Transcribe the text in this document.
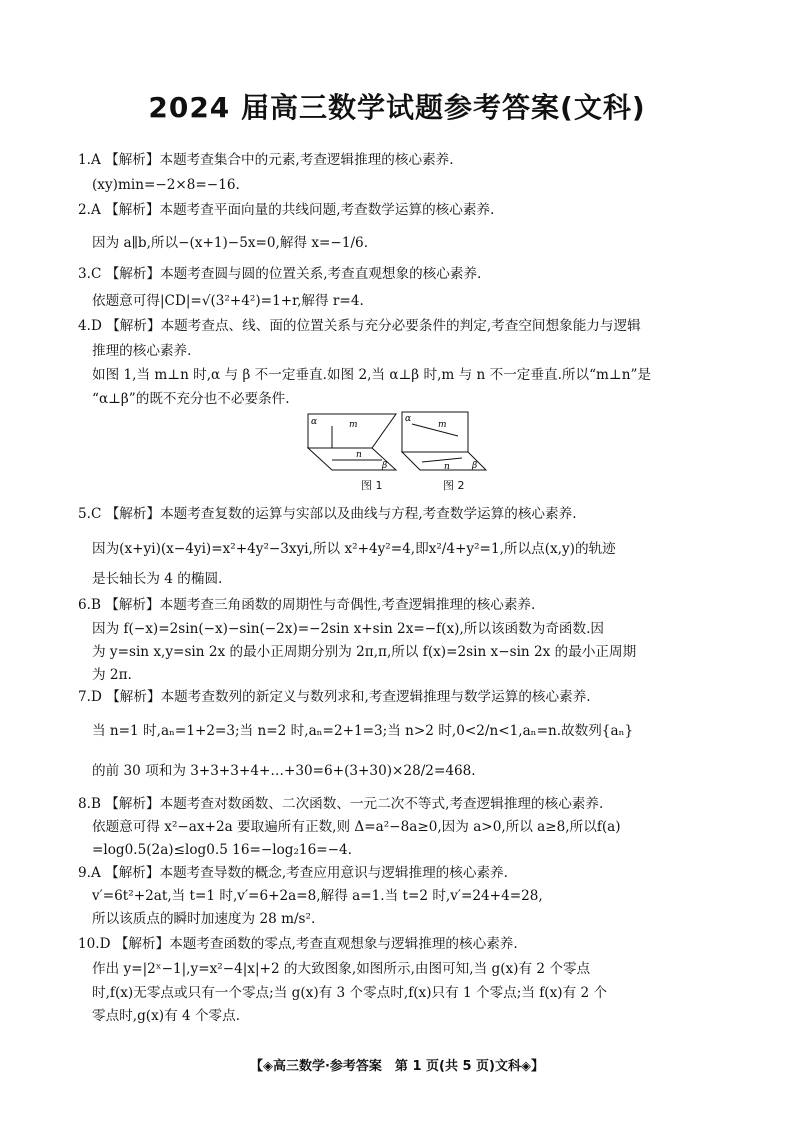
2024 届高三数学试题参考答案(文科)
1.A 【解析】本题考查集合中的元素,考查逻辑推理的核心素养.
(xy)min=−2×8=−16.
2.A 【解析】本题考查平面向量的共线问题,考查数学运算的核心素养.
因为 a∥b,所以−(x+1)−5x=0,解得 x=−1/6.
3.C 【解析】本题考查圆与圆的位置关系,考查直观想象的核心素养.
依题意可得|CD|=√(3²+4²)=1+r,解得 r=4.
4.D 【解析】本题考查点、线、面的位置关系与充分必要条件的判定,考查空间想象能力与逻辑
推理的核心素养.
如图 1,当 m⊥n 时,α 与 β 不一定垂直.如图 2,当 α⊥β 时,m 与 n 不一定垂直.所以“m⊥n”是
“α⊥β”的既不充分也不必要条件.
α	m
n
β
图 1
α
m
n β
图 2
5.C 【解析】本题考查复数的运算与实部以及曲线与方程,考查数学运算的核心素养.
因为(x+yi)(x−4yi)=x²+4y²−3xyi,所以 x²+4y²=4,即x²/4+y²=1,所以点(x,y)的轨迹
是长轴长为 4 的椭圆.
6.B 【解析】本题考查三角函数的周期性与奇偶性,考查逻辑推理的核心素养.
因为 f(−x)=2sin(−x)−sin(−2x)=−2sin x+sin 2x=−f(x),所以该函数为奇函数.因
为 y=sin x,y=sin 2x 的最小正周期分别为 2π,π,所以 f(x)=2sin x−sin 2x 的最小正周期
为 2π.
7.D 【解析】本题考查数列的新定义与数列求和,考查逻辑推理与数学运算的核心素养.
当 n=1 时,aₙ=1+2=3;当 n=2 时,aₙ=2+1=3;当 n>2 时,0<2/n<1,aₙ=n.故数列{aₙ}
的前 30 项和为 3+3+3+4+…+30=6+(3+30)×28/2=468.
8.B 【解析】本题考查对数函数、二次函数、一元二次不等式,考查逻辑推理的核心素养.
依题意可得 x²−ax+2a 要取遍所有正数,则 Δ=a²−8a≥0,因为 a>0,所以 a≥8,所以f(a)
=log0.5(2a)≤log0.5 16=−log₂16=−4.
9.A 【解析】本题考查导数的概念,考查应用意识与逻辑推理的核心素养.
v′=6t²+2at,当 t=1 时,v′=6+2a=8,解得 a=1.当 t=2 时,v′=24+4=28,
所以该质点的瞬时加速度为 28 m/s².
10.D 【解析】本题考查函数的零点,考查直观想象与逻辑推理的核心素养.
作出 y=|2ˣ−1|,y=x²−4|x|+2 的大致图象,如图所示,由图可知,当 g(x)有 2 个零点
时,f(x)无零点或只有一个零点;当 g(x)有 3 个零点时,f(x)只有 1 个零点;当 f(x)有 2 个
零点时,g(x)有 4 个零点.
【◈高三数学·参考答案　第 1 页(共 5 页)文科◈】
